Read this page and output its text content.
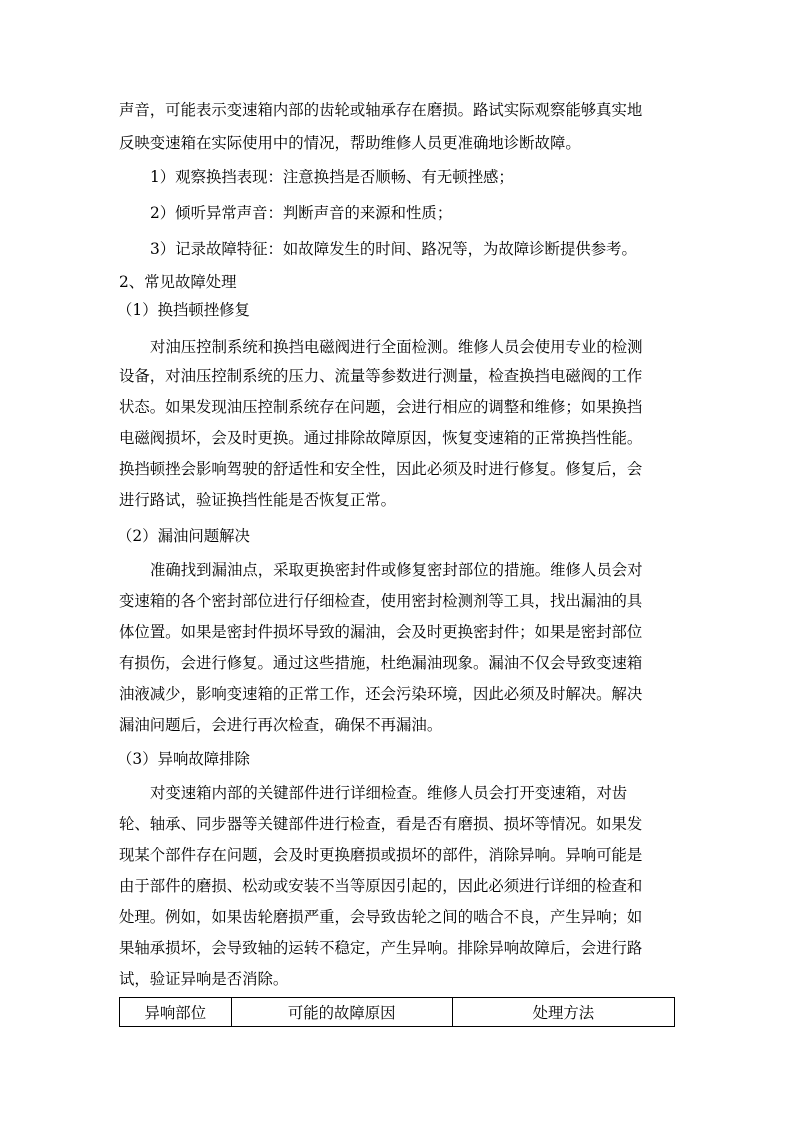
声音，可能表示变速箱内部的齿轮或轴承存在磨损。路试实际观察能够真实地
反映变速箱在实际使用中的情况，帮助维修人员更准确地诊断故障。
1）观察换挡表现：注意换挡是否顺畅、有无顿挫感；
2）倾听异常声音：判断声音的来源和性质；
3）记录故障特征：如故障发生的时间、路况等，为故障诊断提供参考。
2、常见故障处理
（1）换挡顿挫修复
对油压控制系统和换挡电磁阀进行全面检测。维修人员会使用专业的检测
设备，对油压控制系统的压力、流量等参数进行测量，检查换挡电磁阀的工作
状态。如果发现油压控制系统存在问题，会进行相应的调整和维修；如果换挡
电磁阀损坏，会及时更换。通过排除故障原因，恢复变速箱的正常换挡性能。
换挡顿挫会影响驾驶的舒适性和安全性，因此必须及时进行修复。修复后，会
进行路试，验证换挡性能是否恢复正常。
（2）漏油问题解决
准确找到漏油点，采取更换密封件或修复密封部位的措施。维修人员会对
变速箱的各个密封部位进行仔细检查，使用密封检测剂等工具，找出漏油的具
体位置。如果是密封件损坏导致的漏油，会及时更换密封件；如果是密封部位
有损伤，会进行修复。通过这些措施，杜绝漏油现象。漏油不仅会导致变速箱
油液减少，影响变速箱的正常工作，还会污染环境，因此必须及时解决。解决
漏油问题后，会进行再次检查，确保不再漏油。
（3）异响故障排除
对变速箱内部的关键部件进行详细检查。维修人员会打开变速箱，对齿
轮、轴承、同步器等关键部件进行检查，看是否有磨损、损坏等情况。如果发
现某个部件存在问题，会及时更换磨损或损坏的部件，消除异响。异响可能是
由于部件的磨损、松动或安装不当等原因引起的，因此必须进行详细的检查和
处理。例如，如果齿轮磨损严重，会导致齿轮之间的啮合不良，产生异响；如
果轴承损坏，会导致轴的运转不稳定，产生异响。排除异响故障后，会进行路
试，验证异响是否消除。
异响部位	可能的故障原因	处理方法
